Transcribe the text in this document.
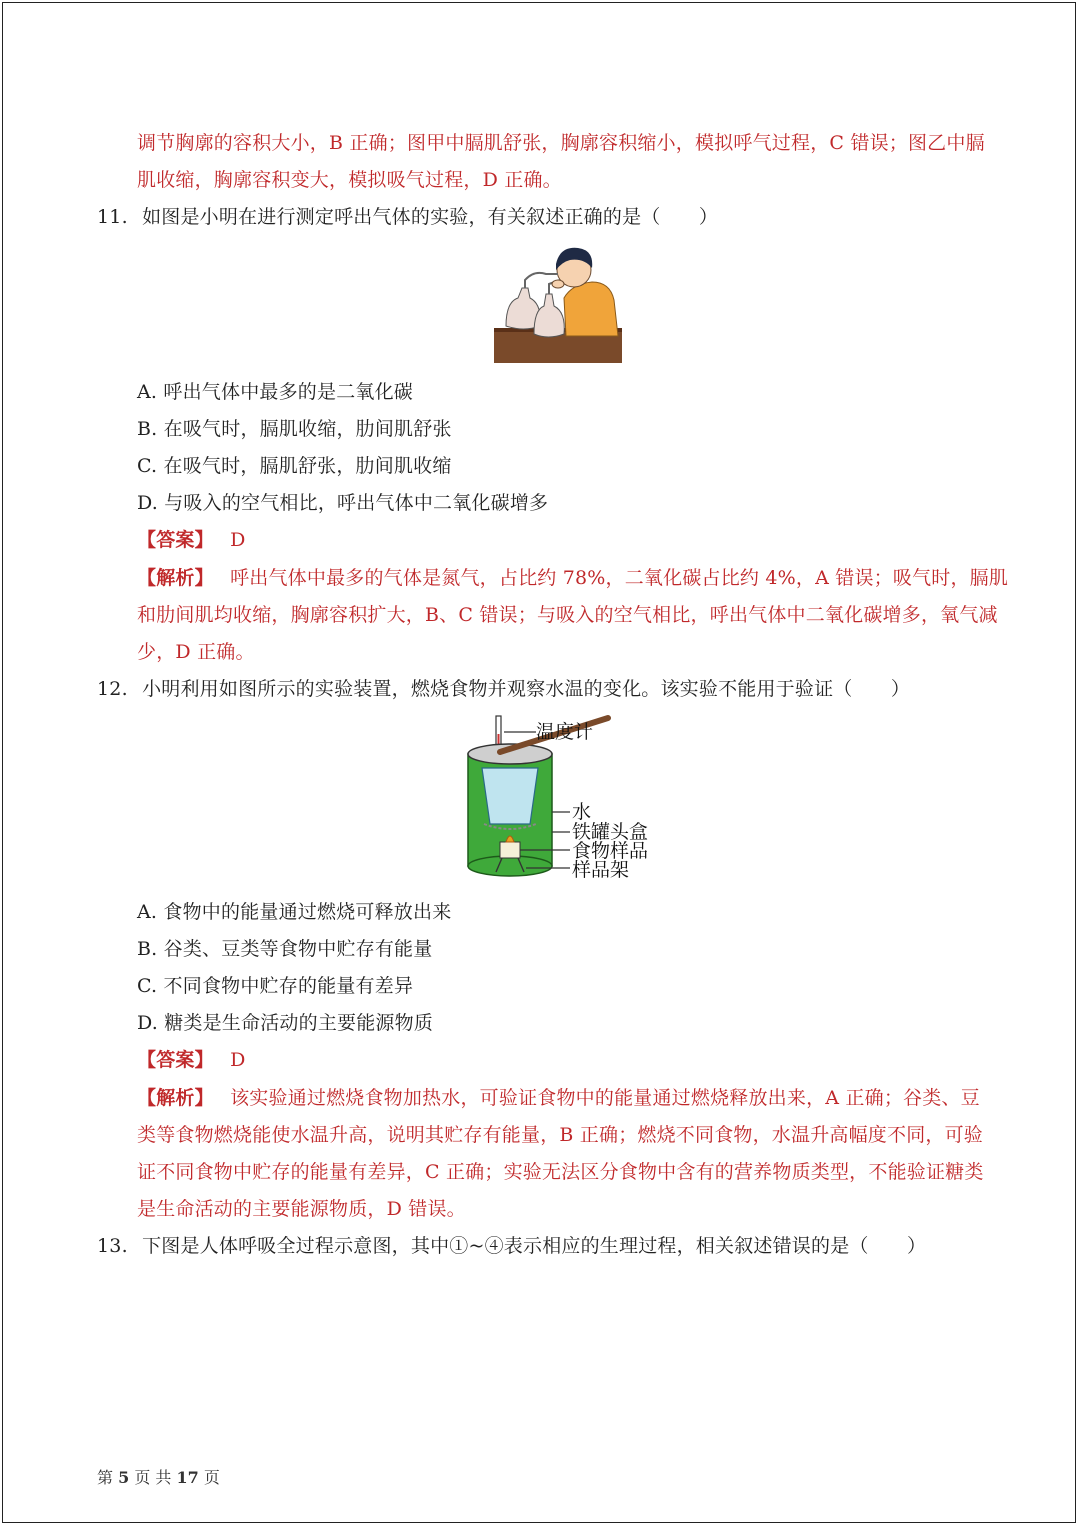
调节胸廓的容积大小，B 正确；图甲中膈肌舒张，胸廓容积缩小，模拟呼气过程，C 错误；图乙中膈
肌收缩，胸廓容积变大，模拟吸气过程，D 正确。
11. 如图是小明在进行测定呼出气体的实验，有关叙述正确的是（　　）
A. 呼出气体中最多的是二氧化碳
B. 在吸气时，膈肌收缩，肋间肌舒张
C. 在吸气时，膈肌舒张，肋间肌收缩
D. 与吸入的空气相比，呼出气体中二氧化碳增多
【答案】 D
【解析】 呼出气体中最多的气体是氮气，占比约 78%，二氧化碳占比约 4%，A 错误；吸气时，膈肌
和肋间肌均收缩，胸廓容积扩大，B、C 错误；与吸入的空气相比，呼出气体中二氧化碳增多，氧气减
少，D 正确。
12. 小明利用如图所示的实验装置，燃烧食物并观察水温的变化。该实验不能用于验证（　　）
温度计
水
铁罐头盒
食物样品
样品架
A. 食物中的能量通过燃烧可释放出来
B. 谷类、豆类等食物中贮存有能量
C. 不同食物中贮存的能量有差异
D. 糖类是生命活动的主要能源物质
【答案】 D
【解析】 该实验通过燃烧食物加热水，可验证食物中的能量通过燃烧释放出来，A 正确；谷类、豆
类等食物燃烧能使水温升高，说明其贮存有能量，B 正确；燃烧不同食物，水温升高幅度不同，可验
证不同食物中贮存的能量有差异，C 正确；实验无法区分食物中含有的营养物质类型，不能验证糖类
是生命活动的主要能源物质，D 错误。
13. 下图是人体呼吸全过程示意图，其中①~④表示相应的生理过程，相关叙述错误的是（　　）
第 5 页 共 17 页
